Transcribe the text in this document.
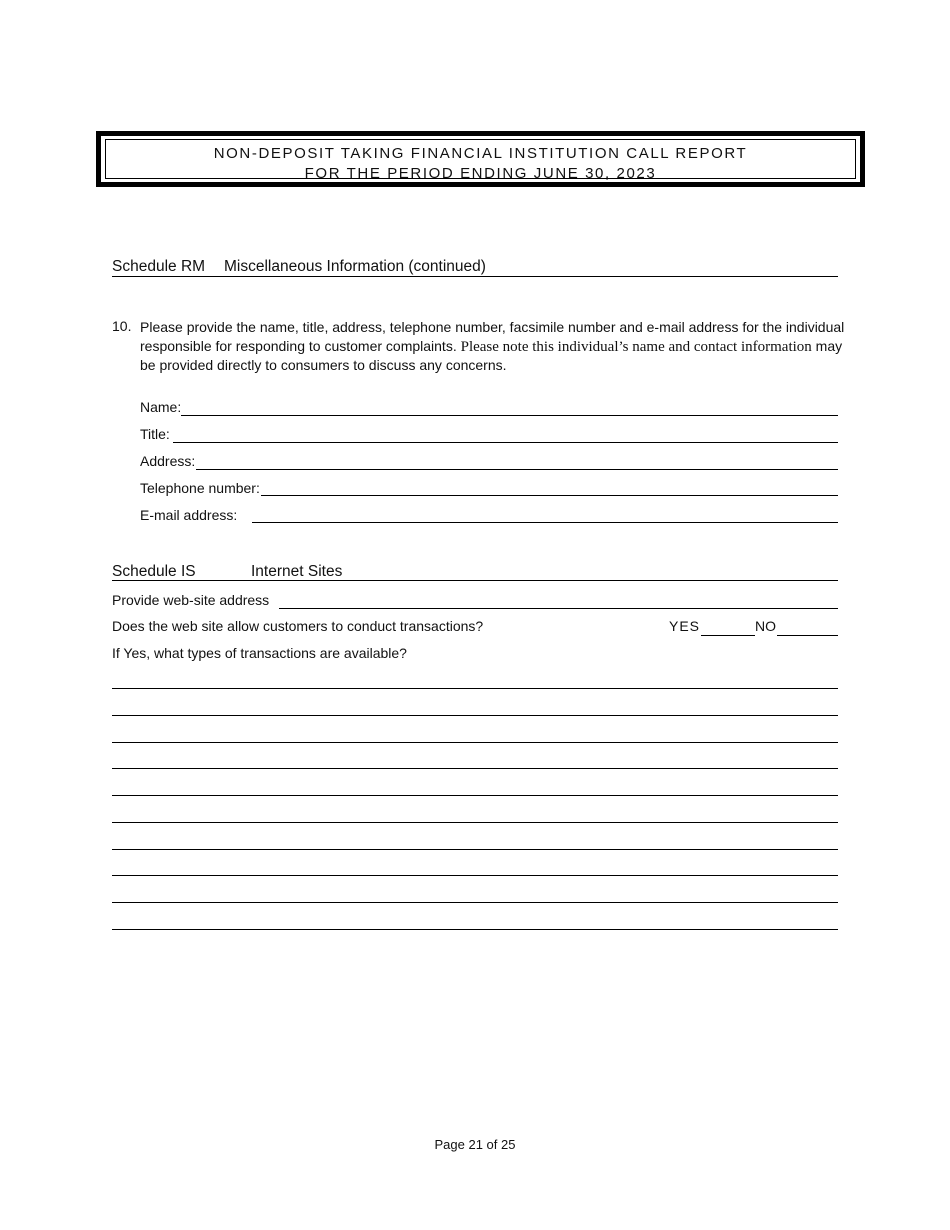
NON-DEPOSIT TAKING FINANCIAL INSTITUTION CALL REPORT
FOR THE PERIOD ENDING JUNE 30, 2023
Schedule RM Miscellaneous Information (continued)
10. Please provide the name, title, address, telephone number, facsimile number and e-mail address for the individual responsible for responding to customer complaints. Please note this individual’s name and contact information may be provided directly to consumers to discuss any concerns.
Name:
Title:
Address:
Telephone number:
E-mail address:
Schedule IS	Internet Sites
Provide web-site address
Does the web site allow customers to conduct transactions?	YES	NO
If Yes, what types of transactions are available?
Page 21 of 25
